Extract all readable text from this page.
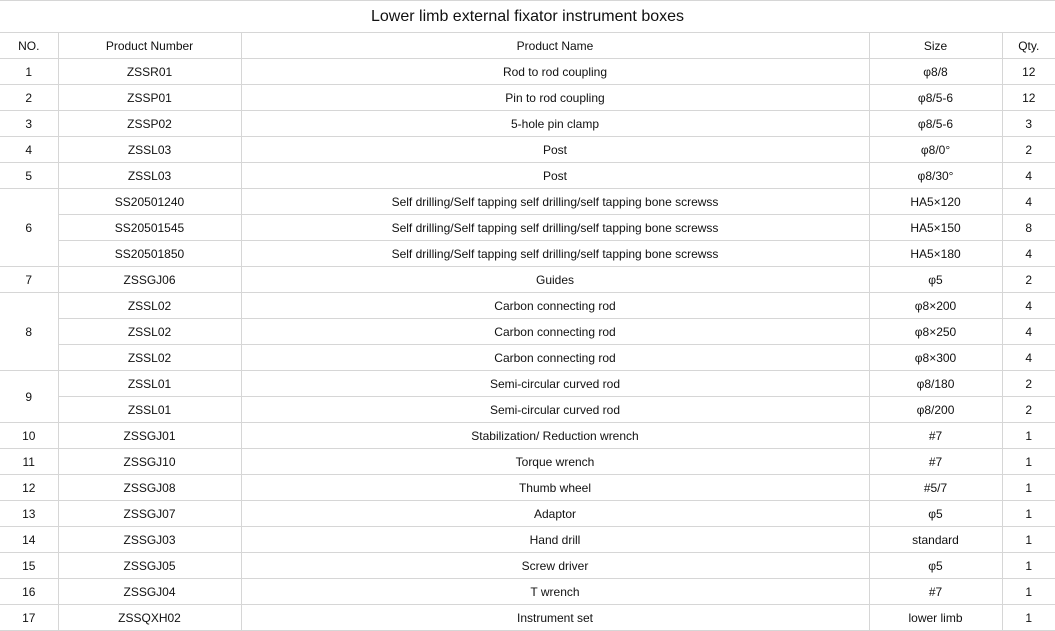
Lower limb external fixator instrument boxes
NO.	Product Number	Product Name	Size	Qty.
1	ZSSR01	Rod to rod coupling	φ8/8	12
2	ZSSP01	Pin to rod coupling	φ8/5-6	12
3	ZSSP02	5-hole pin clamp	φ8/5-6	3
4	ZSSL03	Post	φ8/0°	2
5	ZSSL03	Post	φ8/30°	4
6	SS20501240	Self drilling/Self tapping self drilling/self tapping bone screwss	HA5×120	4
	SS20501545	Self drilling/Self tapping self drilling/self tapping bone screwss	HA5×150	8
	SS20501850	Self drilling/Self tapping self drilling/self tapping bone screwss	HA5×180	4
7	ZSSGJ06	Guides	φ5	2
8	ZSSL02	Carbon connecting rod	φ8×200	4
	ZSSL02	Carbon connecting rod	φ8×250	4
	ZSSL02	Carbon connecting rod	φ8×300	4
9	ZSSL01	Semi-circular curved rod	φ8/180	2
	ZSSL01	Semi-circular curved rod	φ8/200	2
10	ZSSGJ01	Stabilization/ Reduction wrench	#7	1
11	ZSSGJ10	Torque wrench	#7	1
12	ZSSGJ08	Thumb wheel	#5/7	1
13	ZSSGJ07	Adaptor	φ5	1
14	ZSSGJ03	Hand drill	standard	1
15	ZSSGJ05	Screw driver	φ5	1
16	ZSSGJ04	T wrench	#7	1
17	ZSSQXH02	Instrument set	lower limb	1
